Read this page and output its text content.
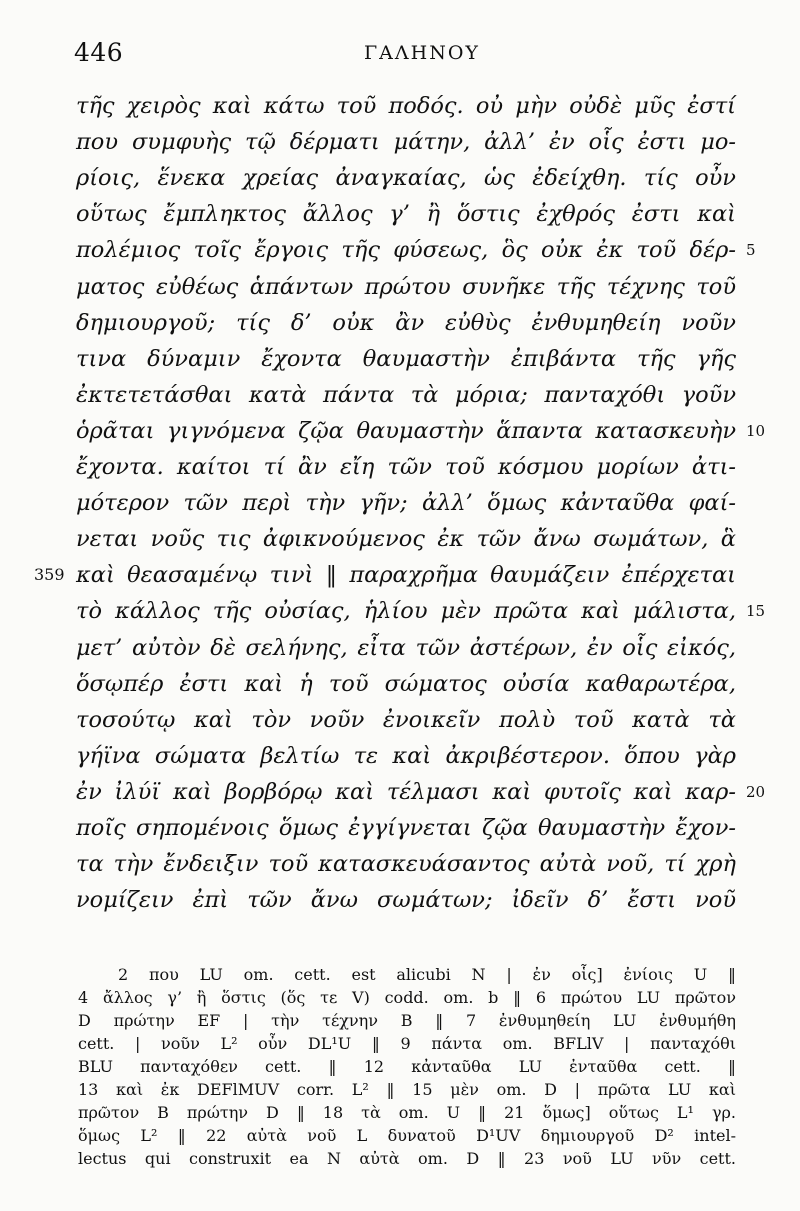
446	ΓΑΛΗΝΟΥ
τῆς χειρὸς καὶ κάτω τοῦ ποδός. οὐ μὴν οὐδὲ μῦς ἐστί
που συμφυὴς τῷ δέρματι μάτην, ἀλλ’ ἐν οἷς ἐστι μο-
ρίοις, ἕνεκα χρείας ἀναγκαίας, ὡς ἐδείχθη. τίς οὖν
οὕτως ἔμπληκτος ἄλλος γ’ ἢ ὅστις ἐχθρός ἐστι καὶ
πολέμιος τοῖς ἔργοις τῆς φύσεως, ὃς οὐκ ἐκ τοῦ δέρ- 5
ματος εὐθέως ἁπάντων πρώτου συνῆκε τῆς τέχνης τοῦ
δημιουργοῦ; τίς δ’ οὐκ ἂν εὐθὺς ἐνθυμηθείη νοῦν
τινα δύναμιν ἔχοντα θαυμαστὴν ἐπιβάντα τῆς γῆς
ἐκτετετάσθαι κατὰ πάντα τὰ μόρια; πανταχόθι γοῦν
ὁρᾶται γιγνόμενα ζῷα θαυμαστὴν ἅπαντα κατασκευὴν 10
ἔχοντα. καίτοι τί ἂν εἴη τῶν τοῦ κόσμου μορίων ἀτι-
μότερον τῶν περὶ τὴν γῆν; ἀλλ’ ὅμως κἀνταῦθα φαί-
νεται νοῦς τις ἀφικνούμενος ἐκ τῶν ἄνω σωμάτων, ἃ
καὶ θεασαμένῳ τινὶ ‖ παραχρῆμα θαυμάζειν ἐπέρχεται
359
τὸ κάλλος τῆς οὐσίας, ἡλίου μὲν πρῶτα καὶ μάλιστα, 15
μετ’ αὐτὸν δὲ σελήνης, εἶτα τῶν ἀστέρων, ἐν οἷς εἰκός,
ὅσῳπέρ ἐστι καὶ ἡ τοῦ σώματος οὐσία καθαρωτέρα,
τοσούτῳ καὶ τὸν νοῦν ἐνοικεῖν πολὺ τοῦ κατὰ τὰ
γήϊνα σώματα βελτίω τε καὶ ἀκριβέστερον. ὅπου γὰρ
ἐν ἰλύϊ καὶ βορβόρῳ καὶ τέλμασι καὶ φυτοῖς καὶ καρ- 20
ποῖς σηπομένοις ὅμως ἐγγίγνεται ζῷα θαυμαστὴν ἔχον-
τα τὴν ἔνδειξιν τοῦ κατασκευάσαντος αὐτὰ νοῦ, τί χρὴ
νομίζειν ἐπὶ τῶν ἄνω σωμάτων; ἰδεῖν δ’ ἔστι νοῦ
2 που LU om. cett. est alicubi N | ἐν οἷς] ἐνίοις U ‖
4 ἄλλος γ’ ἢ ὅστις (ὅς τε V) codd. om. b ‖ 6 πρώτου LU πρῶτον
D πρώτην EF | τὴν τέχνην B ‖ 7 ἐνθυμηθείη LU ἐνθυμήθη
cett. | νοῦν L² οὖν DL¹U ‖ 9 πάντα om. BFLlV | πανταχόθι
BLU πανταχόθεν cett. ‖ 12 κἀνταῦθα LU ἐνταῦθα cett. ‖
13 καὶ ἐκ DEFlMUV corr. L² ‖ 15 μὲν om. D | πρῶτα LU καὶ
πρῶτον B πρώτην D ‖ 18 τὰ om. U ‖ 21 ὅμως] οὕτως L¹ γρ.
ὅμως L² ‖ 22 αὐτὰ νοῦ L δυνατοῦ D¹UV δημιουργοῦ D² intel-
lectus qui construxit ea N αὐτὰ om. D ‖ 23 νοῦ LU νῦν cett.
